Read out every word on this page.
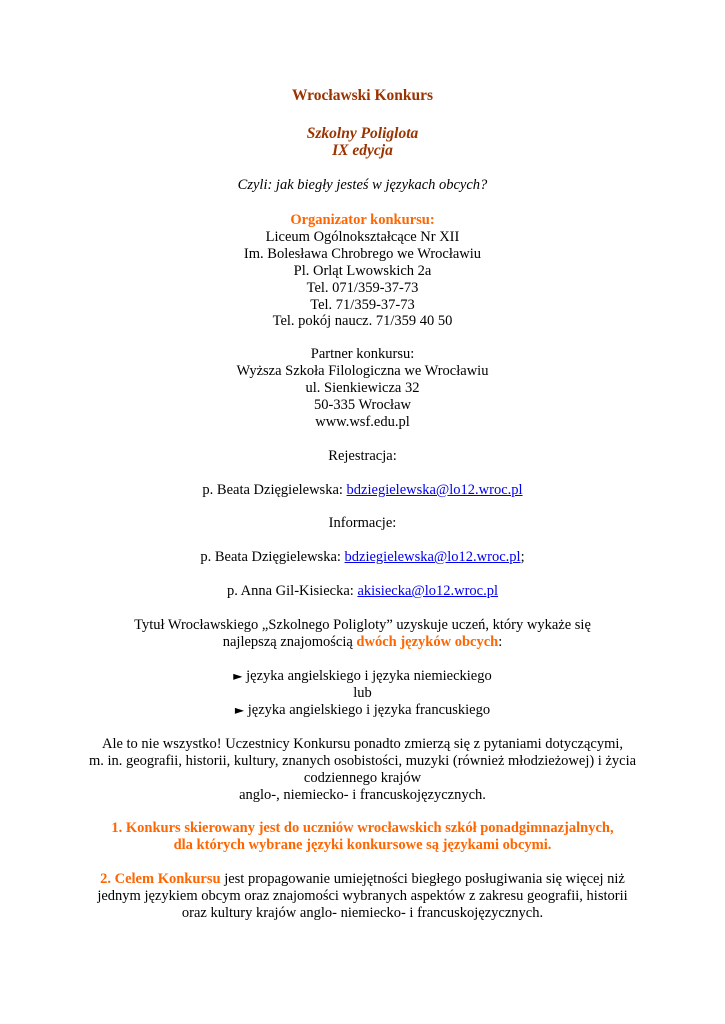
Wrocławski Konkurs
Szkolny Poliglota
IX edycja
Czyli: jak biegły jesteś w językach obcych?
Organizator konkursu:
Liceum Ogólnokształcące Nr XII
Im. Bolesława Chrobrego we Wrocławiu
Pl. Orląt Lwowskich 2a
Tel. 071/359-37-73
Tel. 71/359-37-73
Tel. pokój naucz. 71/359 40 50
Partner konkursu:
Wyższa Szkoła Filologiczna we Wrocławiu
ul. Sienkiewicza 32
50-335 Wrocław
www.wsf.edu.pl
Rejestracja:
p. Beata Dzięgielewska: bdziegielewska@lo12.wroc.pl
Informacje:
p. Beata Dzięgielewska: bdziegielewska@lo12.wroc.pl;
p. Anna Gil-Kisiecka: akisiecka@lo12.wroc.pl
Tytuł Wrocławskiego „Szkolnego Poligloty” uzyskuje uczeń, który wykaże się
najlepszą znajomością dwóch języków obcych:
► języka angielskiego i języka niemieckiego
lub
► języka angielskiego i języka francuskiego
Ale to nie wszystko! Uczestnicy Konkursu ponadto zmierzą się z pytaniami dotyczącymi,
m. in. geografii, historii, kultury, znanych osobistości, muzyki (również młodzieżowej) i życia
codziennego krajów
anglo-, niemiecko- i francuskojęzycznych.
1. Konkurs skierowany jest do uczniów wrocławskich szkół ponadgimnazjalnych,
dla których wybrane języki konkursowe są językami obcymi.
2. Celem Konkursu jest propagowanie umiejętności biegłego posługiwania się więcej niż
jednym językiem obcym oraz znajomości wybranych aspektów z zakresu geografii, historii
oraz kultury krajów anglo- niemiecko- i francuskojęzycznych.
